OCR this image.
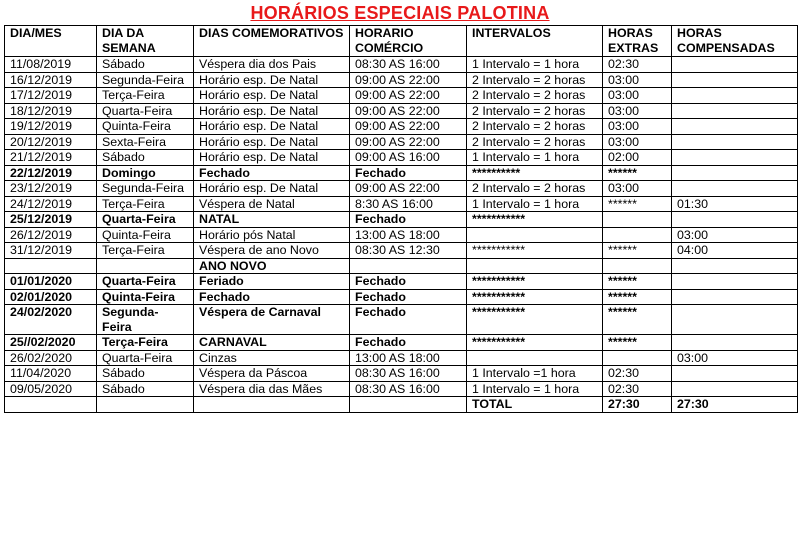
HORÁRIOS ESPECIAIS PALOTINA
DIA/MES	DIA DA SEMANA	DIAS COMEMORATIVOS	HORARIO COMÉRCIO	INTERVALOS	HORAS EXTRAS	HORAS COMPENSADAS
11/08/2019	Sábado	Véspera dia dos Pais	08:30 AS 16:00	1 Intervalo = 1 hora	02:30	
16/12/2019	Segunda-Feira	Horário esp. De Natal	09:00 AS 22:00	2 Intervalo = 2 horas	03:00	
17/12/2019	Terça-Feira	Horário esp. De Natal	09:00 AS 22:00	2 Intervalo = 2 horas	03:00	
18/12/2019	Quarta-Feira	Horário esp. De Natal	09:00 AS 22:00	2 Intervalo = 2 horas	03:00	
19/12/2019	Quinta-Feira	Horário esp. De Natal	09:00 AS 22:00	2 Intervalo = 2 horas	03:00	
20/12/2019	Sexta-Feira	Horário esp. De Natal	09:00 AS 22:00	2 Intervalo = 2 horas	03:00	
21/12/2019	Sábado	Horário esp. De Natal	09:00 AS 16:00	1 Intervalo = 1 hora	02:00	
22/12/2019	Domingo	Fechado	Fechado	**********	******	
23/12/2019	Segunda-Feira	Horário esp. De Natal	09:00 AS 22:00	2 Intervalo = 2 horas	03:00	
24/12/2019	Terça-Feira	Véspera de Natal	8:30 AS 16:00	1 Intervalo = 1 hora	******	01:30
25/12/2019	Quarta-Feira	NATAL	Fechado	***********		
26/12/2019	Quinta-Feira	Horário pós Natal	13:00 AS 18:00			03:00
31/12/2019	Terça-Feira	Véspera de ano Novo	08:30 AS 12:30	***********	******	04:00
		ANO NOVO				
01/01/2020	Quarta-Feira	Feriado	Fechado	***********	******	
02/01/2020	Quinta-Feira	Fechado	Fechado	***********	******	
24/02/2020	Segunda-Feira	Véspera de Carnaval	Fechado	***********	******	
25//02/2020	Terça-Feira	CARNAVAL	Fechado	***********	******	
26/02/2020	Quarta-Feira	Cinzas	13:00 AS 18:00			03:00
11/04/2020	Sábado	Véspera da Páscoa	08:30 AS 16:00	1 Intervalo =1 hora	02:30	
09/05/2020	Sábado	Véspera dia das Mães	08:30 AS 16:00	1 Intervalo = 1 hora	02:30	
				TOTAL	27:30	27:30
